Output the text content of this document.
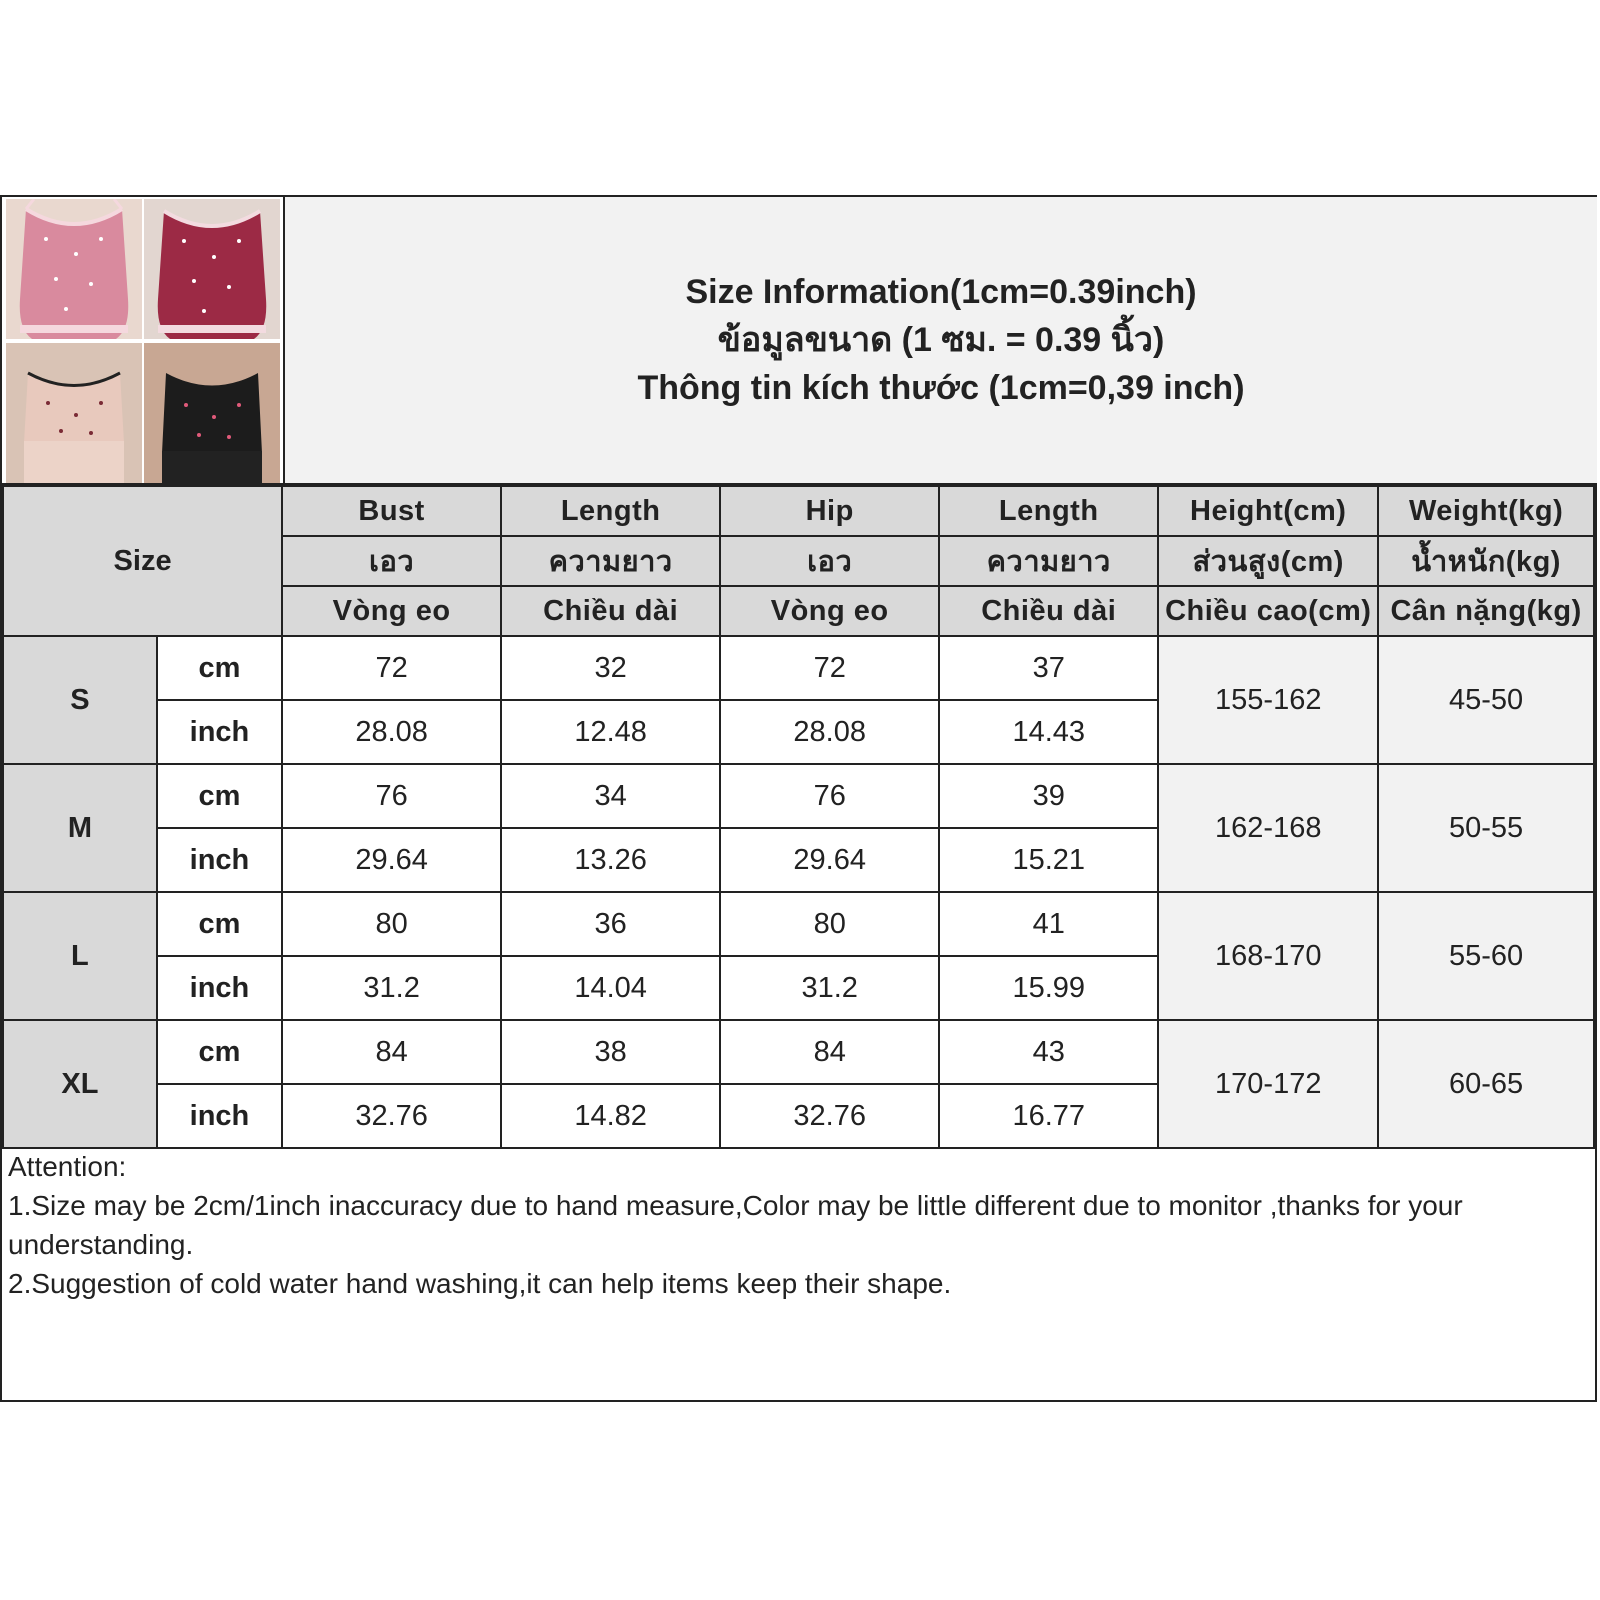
Size Information(1cm=0.39inch)
ข้อมูลขนาด (1 ซม. = 0.39 นิ้ว)
Thông tin kích thước (1cm=0,39 inch)
Size		Bust	Length	Hip	Length	Height(cm)	Weight(kg)
		เอว	ความยาว	เอว	ความยาว	ส่วนสูง(cm)	น้ำหนัก(kg)
		Vòng eo	Chiều dài	Vòng eo	Chiều dài	Chiều cao(cm)	Cân nặng(kg)
S	cm	72	32	72	37	155-162	45-50
	inch	28.08	12.48	28.08	14.43		
M	cm	76	34	76	39	162-168	50-55
	inch	29.64	13.26	29.64	15.21		
L	cm	80	36	80	41	168-170	55-60
	inch	31.2	14.04	31.2	15.99		
XL	cm	84	38	84	43	170-172	60-65
	inch	32.76	14.82	32.76	16.77		

Attention:

1.Size may be 2cm/1inch inaccuracy due to hand measure,Color may be little different due to monitor ,thanks for your understanding.

2.Suggestion of cold water hand washing,it can help items keep their shape.
